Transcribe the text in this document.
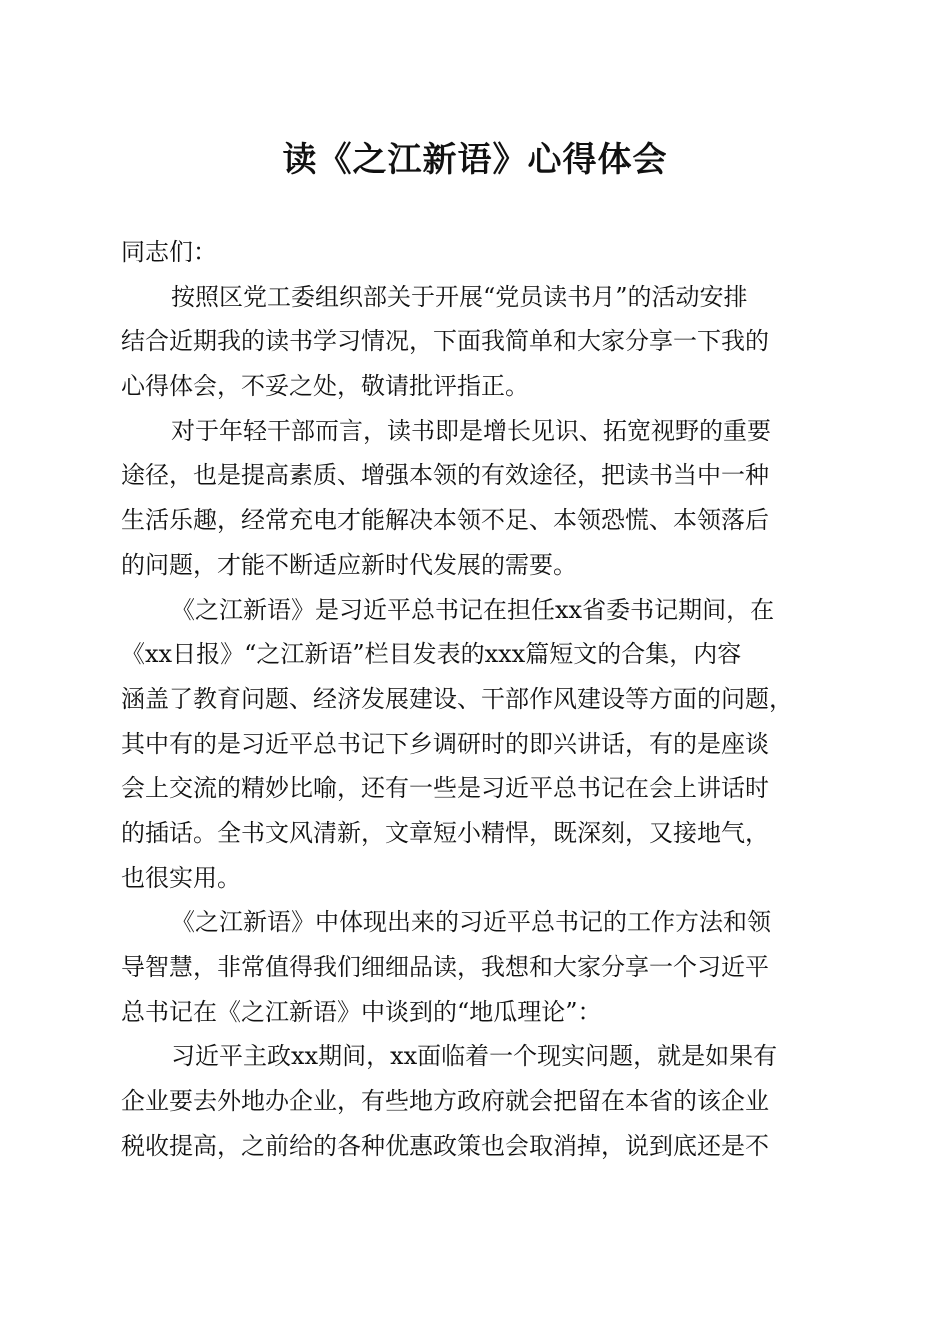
读《之江新语》心得体会
同志们：
按照区党工委组织部关于开展“党员读书月”的活动安排
结合近期我的读书学习情况，下面我简单和大家分享一下我的
心得体会，不妥之处，敬请批评指正。
对于年轻干部而言，读书即是增长见识、拓宽视野的重要
途径，也是提高素质、增强本领的有效途径，把读书当中一种
生活乐趣，经常充电才能解决本领不足、本领恐慌、本领落后
的问题，才能不断适应新时代发展的需要。
《之江新语》是习近平总书记在担任xx省委书记期间，在
《xx日报》“之江新语”栏目发表的xxx篇短文的合集，内容
涵盖了教育问题、经济发展建设、干部作风建设等方面的问题，
其中有的是习近平总书记下乡调研时的即兴讲话，有的是座谈
会上交流的精妙比喻，还有一些是习近平总书记在会上讲话时
的插话。全书文风清新，文章短小精悍，既深刻，又接地气，
也很实用。
《之江新语》中体现出来的习近平总书记的工作方法和领
导智慧，非常值得我们细细品读，我想和大家分享一个习近平
总书记在《之江新语》中谈到的“地瓜理论”：
习近平主政xx期间，xx面临着一个现实问题，就是如果有
企业要去外地办企业，有些地方政府就会把留在本省的该企业
税收提高，之前给的各种优惠政策也会取消掉，说到底还是不
